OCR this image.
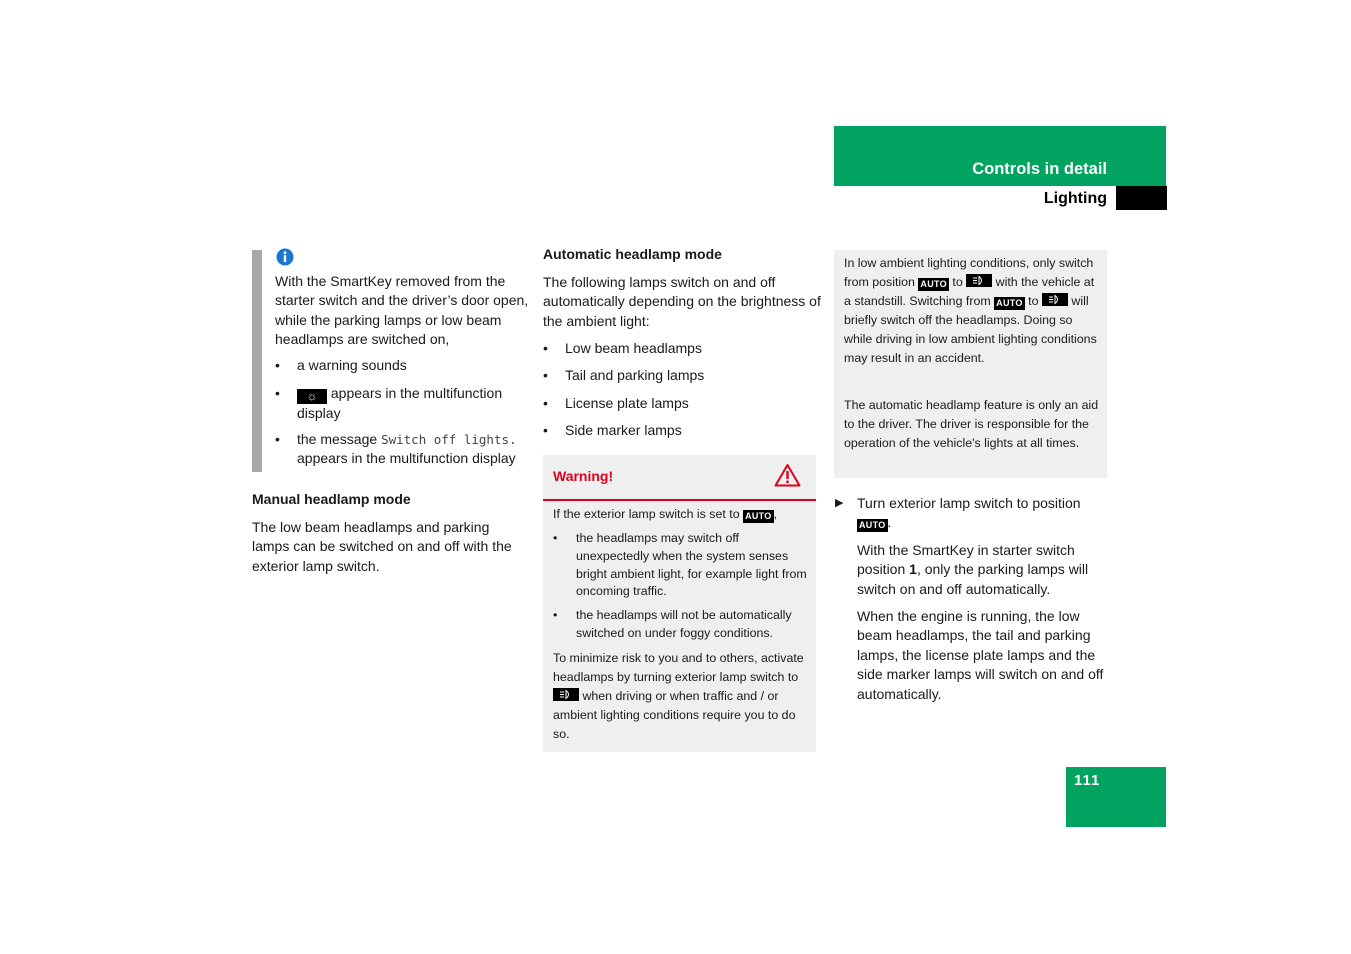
Controls in detail
Lighting

With the SmartKey removed from the starter switch and the driver’s door open, while the parking lamps or low beam headlamps are switched on,

•	a warning sounds
•	☼ appears in the multifunction display
•	the message Switch off lights.
appears in the multifunction display
Manual headlamp mode

The low beam headlamps and parking lamps can be switched on and off with the exterior lamp switch.

Automatic headlamp mode

The following lamps switch on and off automatically depending on the brightness of the ambient light:

•	Low beam headlamps
•	Tail and parking lamps
•	License plate lamps
•	Side marker lamps
Warning!

If the exterior lamp switch is set to AUTO ,

•	the headlamps may switch off unexpectedly when the system senses bright ambient light, for example light from oncoming traffic.

•	the headlamps will not be automatically switched on under foggy conditions.

To minimize risk to you and to others, activate headlamps by turning exterior lamp switch to  when driving or when traffic and / or ambient lighting conditions require you to do so.

In low ambient lighting conditions, only switch from position AUTO to	with the vehicle at a standstill. Switching from AUTO to	will briefly switch off the headlamps. Doing so while driving in low ambient lighting conditions may result in an accident.

The automatic headlamp feature is only an aid to the driver. The driver is responsible for the operation of the vehicle's lights at all times.

▶ Turn exterior lamp switch to position AUTO .

With the SmartKey in starter switch position 1, only the parking lamps will switch on and off automatically.

When the engine is running, the low beam headlamps, the tail and parking lamps, the license plate lamps and the side marker lamps will switch on and off automatically.

111
